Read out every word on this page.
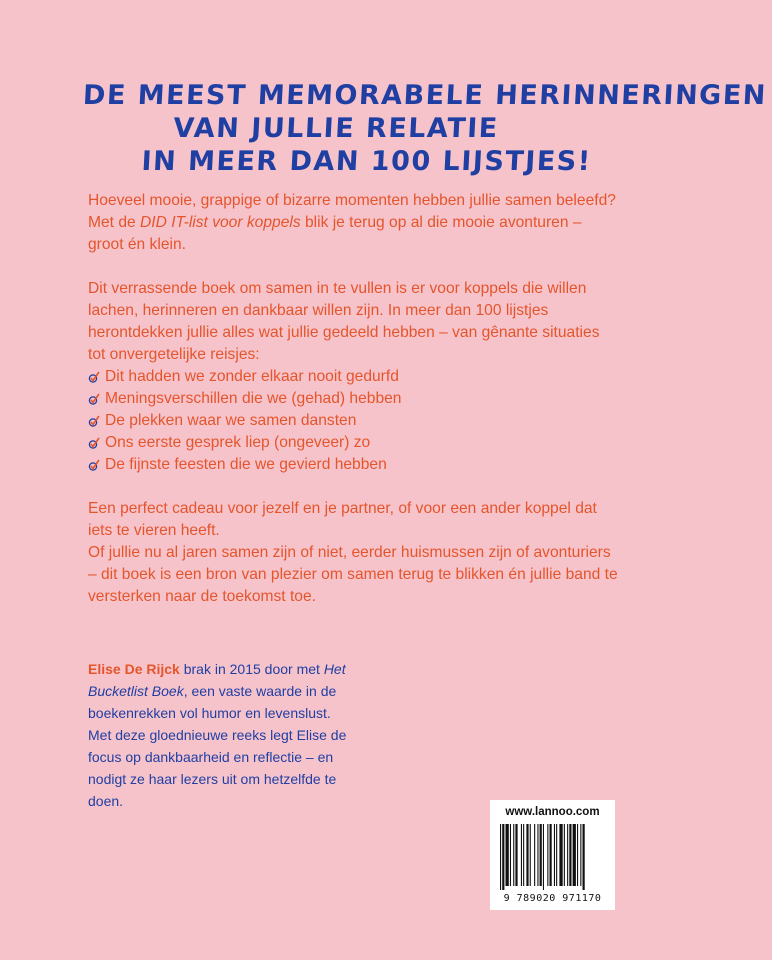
DE MEEST MEMORABELE HERINNERINGEN
VAN JULLIE RELATIE
IN MEER DAN 100 LIJSTJES!

Hoeveel mooie, grappige of bizarre momenten hebben jullie samen beleefd? Met de DID IT-list voor koppels blik je terug op al die mooie avonturen – groot én klein.

Dit verrassende boek om samen in te vullen is er voor koppels die willen lachen, herinneren en dankbaar willen zijn. In meer dan 100 lijstjes herontdekken jullie alles wat jullie gedeeld hebben – van gênante situaties tot onvergetelijke reisjes:

Dit hadden we zonder elkaar nooit gedurfd
Meningsverschillen die we (gehad) hebben
De plekken waar we samen dansten
Ons eerste gesprek liep (ongeveer) zo
De fijnste feesten die we gevierd hebben

Een perfect cadeau voor jezelf en je partner, of voor een ander koppel dat iets te vieren heeft.

Of jullie nu al jaren samen zijn of niet, eerder huismussen zijn of avonturiers – dit boek is een bron van plezier om samen terug te blikken én jullie band te versterken naar de toekomst toe.

Elise De Rijck brak in 2015 door met Het Bucketlist Boek, een vaste waarde in de boekenrekken vol humor en levenslust.

Met deze gloednieuwe reeks legt Elise de focus op dankbaarheid en reflectie – en nodigt ze haar lezers uit om hetzelfde te doen.

www.lannoo.com
9 789020 971170
